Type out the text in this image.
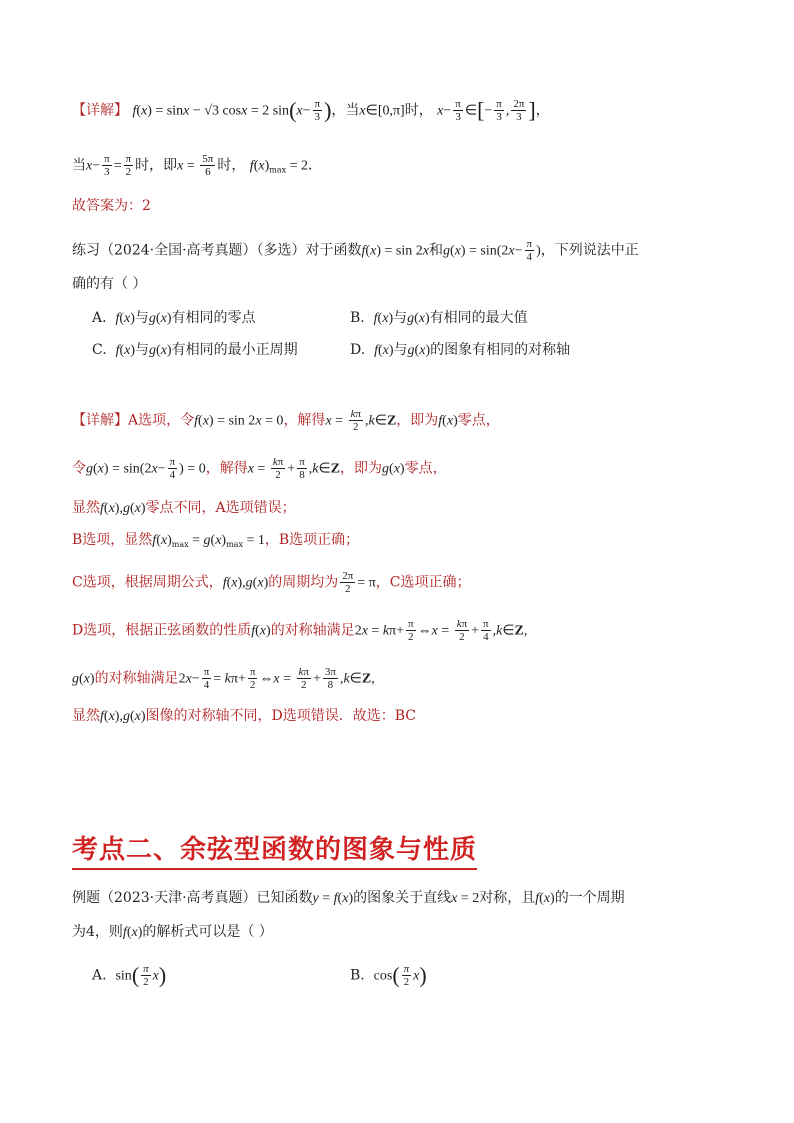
【详解】 f(x) = sinx − √3 cosx = 2 $\sin(x- \frac{\pi}{3}$ )，当x∈[0,π]时， $x- \frac{\pi}{3}$ ∈[− $\frac{\pi}{3}$ , $\frac{2\pi}{3}$ ]，
当$x- \frac{\pi}{3} = \frac{\pi}{2}$ 时，即$x = \frac{5\pi}{6}$ 时， $f(x)_{max} = 2$．
故答案为：2
练习（2024·全国·高考真题）（多选）对于函数f(x) = sin 2x和$g(x) = \sin(2x- \frac{\pi}{4}$ )，下列说法中正
确的有（ ）
A. f(x)与g(x)有相同的零点	B. f(x)与g(x)有相同的最大值
C. f(x)与g(x)有相同的最小正周期	D. f(x)与g(x)的图象有相同的对称轴
【详解】A选项，令f(x) = sin 2x = 0，解得$x = \frac{k\pi}{2}$ ,k∈Z，即为f(x)零点，
令$g(x) = \sin(2x- \frac{\pi}{4}$ ) = 0，解得$x = \frac{k\pi}{2} + \frac{\pi}{8}$ ,k∈Z，即为g(x)零点，
显然f(x),g(x)零点不同，A选项错误；
B选项，显然$f(x)_{max} = g(x)_{max} = 1$，B选项正确；
C选项，根据周期公式，f(x),g(x)的周期均为 $\frac{2\pi}{2} = \pi$，C选项正确；
D选项，根据正弦函数的性质f(x)的对称轴满足$2x = k\pi+ \frac{\pi}{2}$ ⇔x = $\frac{k\pi}{2} + \frac{\pi}{4}$ ,k∈Z,
g(x)的对称轴满足$2x- \frac{\pi}{4} = k\pi+ \frac{\pi}{2}$ ⇔x = $\frac{k\pi}{2} + \frac{3\pi}{8}$ ,k∈Z,
显然f(x),g(x)图像的对称轴不同，D选项错误．故选：BC
考点二、余弦型函数的图象与性质
例题（2023·天津·高考真题）已知函数y = f(x)的图象关于直线x = 2对称，且f(x)的一个周期
为4，则f(x)的解析式可以是（ ）
A. $\sin( \frac{\pi}{2} x)$	B. $\cos( \frac{\pi}{2} x)$
